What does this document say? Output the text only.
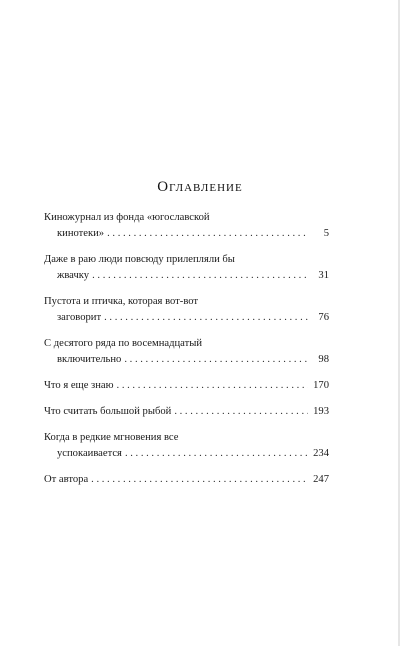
Оглавление
Киножурнал из фонда «югославской
кинотеки» . . .	5
Даже в раю люди повсюду прилепляли бы
жвачку . . .	31
Пустота и птичка, которая вот-вот
заговорит . . .	76
С десятого ряда по восемнадцатый
включительно . . .	98
Что я еще знаю . . .	170
Что считать большой рыбой . . .	193
Когда в редкие мгновения все
успокаивается . . .	234
От автора . . .	247
